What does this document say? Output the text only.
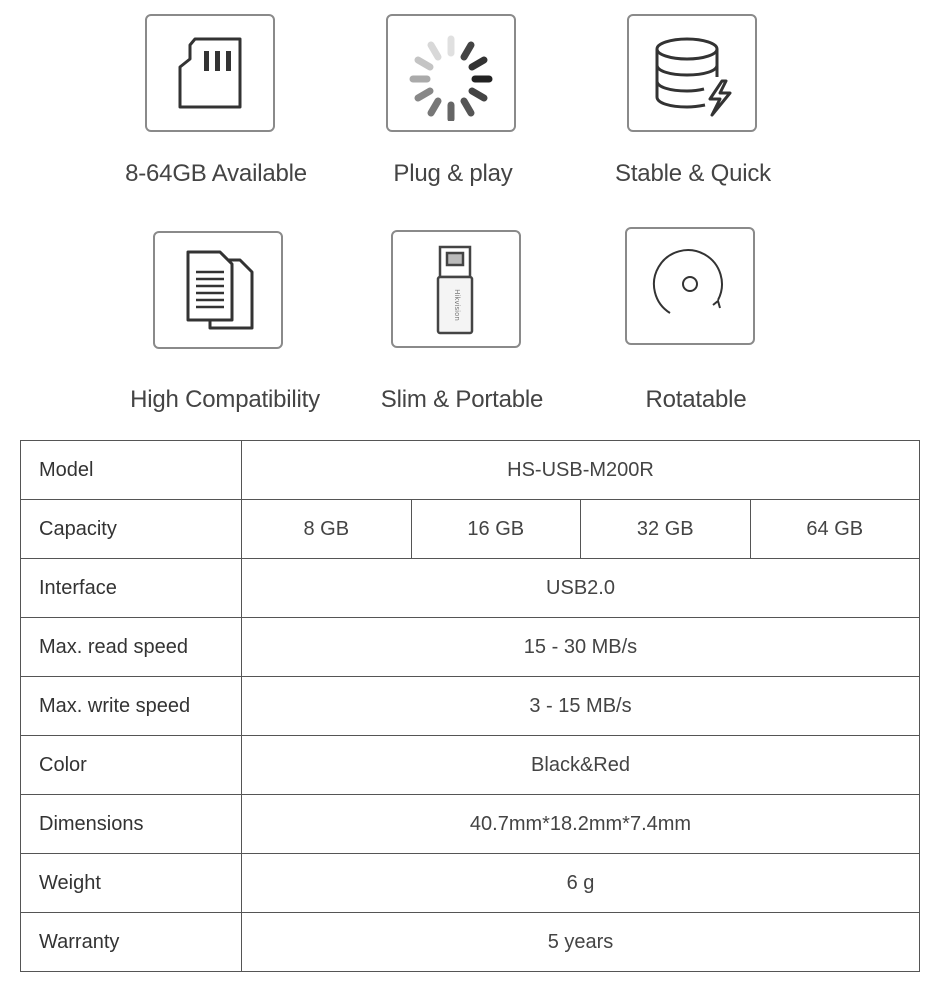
8-64GB Available	Plug & play	Stable & Quick
High Compatibility
Hikvision
Slim & Portable	Rotatable
Model	HS-USB-M200R			
Capacity	8 GB	16 GB	32 GB	64 GB
Interface	USB2.0			
Max. read speed	15 - 30 MB/s			
Max. write speed	3 - 15 MB/s			
Color	Black&Red			
Dimensions	40.7mm*18.2mm*7.4mm			
Weight	6 g			
Warranty	5 years			
